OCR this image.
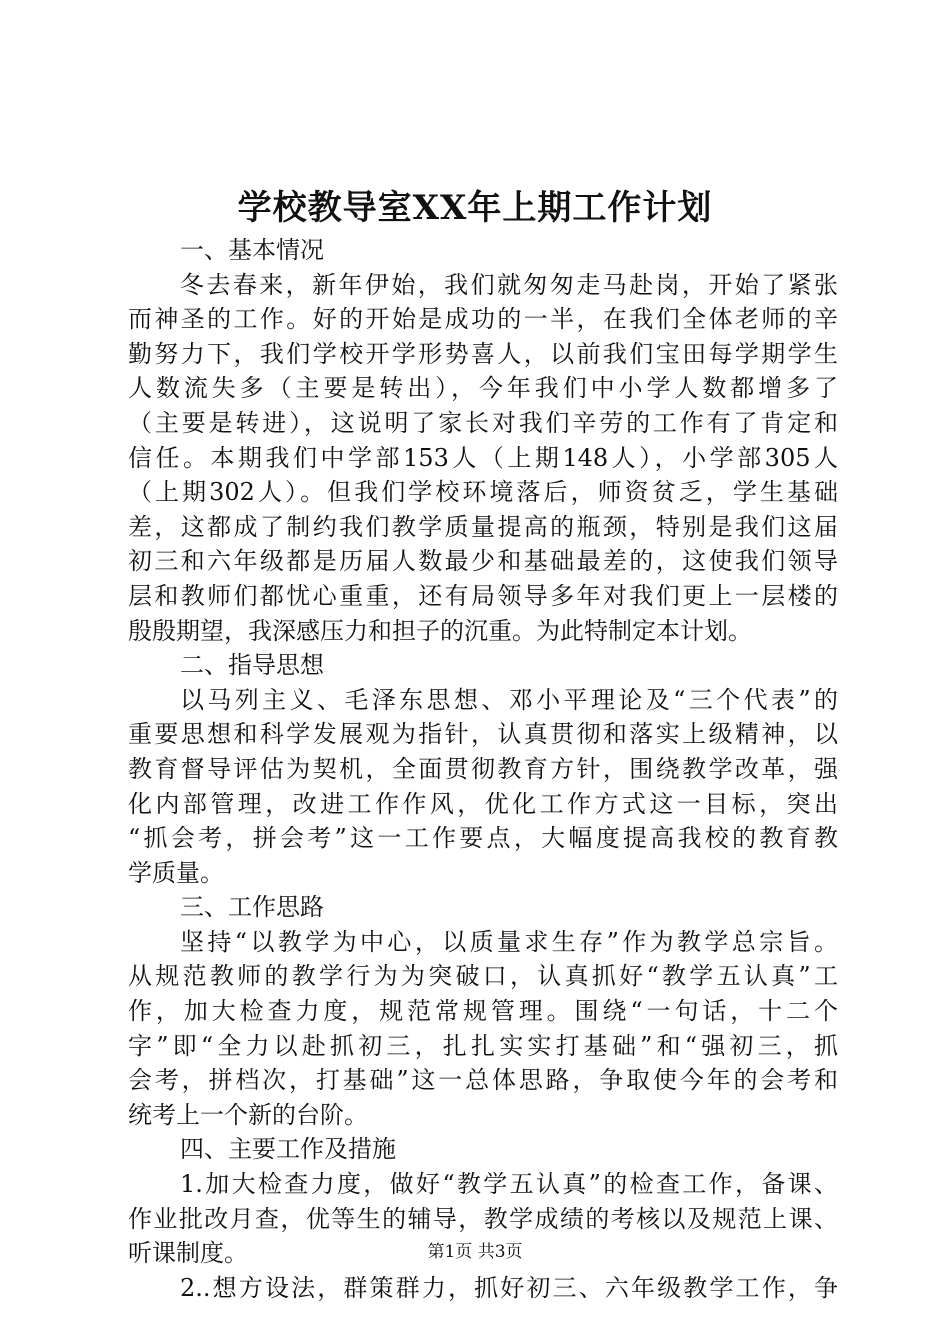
学校教导室XX年上期工作计划
一、基本情况
冬去春来，新年伊始，我们就匆匆走马赴岗，开始了紧张
而神圣的工作。好的开始是成功的一半，在我们全体老师的辛
勤努力下，我们学校开学形势喜人，以前我们宝田每学期学生
人数流失多（主要是转出），今年我们中小学人数都增多了
（主要是转进），这说明了家长对我们辛劳的工作有了肯定和
信任。本期我们中学部153人（上期148人），小学部305人
（上期302人）。但我们学校环境落后，师资贫乏，学生基础
差，这都成了制约我们教学质量提高的瓶颈，特别是我们这届
初三和六年级都是历届人数最少和基础最差的，这使我们领导
层和教师们都忧心重重，还有局领导多年对我们更上一层楼的
殷殷期望，我深感压力和担子的沉重。为此特制定本计划。
二、指导思想
以马列主义、毛泽东思想、邓小平理论及“三个代表”的
重要思想和科学发展观为指针，认真贯彻和落实上级精神，以
教育督导评估为契机，全面贯彻教育方针，围绕教学改革，强
化内部管理，改进工作作风，优化工作方式这一目标，突出
“抓会考，拼会考”这一工作要点，大幅度提高我校的教育教
学质量。
三、工作思路
坚持“以教学为中心，以质量求生存”作为教学总宗旨。
从规范教师的教学行为为突破口，认真抓好“教学五认真”工
作，加大检查力度，规范常规管理。围绕“一句话，十二个
字”即“全力以赴抓初三，扎扎实实打基础”和“强初三，抓
会考，拼档次，打基础”这一总体思路，争取使今年的会考和
统考上一个新的台阶。
四、主要工作及措施
1.加大检查力度，做好“教学五认真”的检查工作，备课、
作业批改月查，优等生的辅导，教学成绩的考核以及规范上课、
听课制度。
2..想方设法，群策群力，抓好初三、六年级教学工作，争
第1页 共3页
